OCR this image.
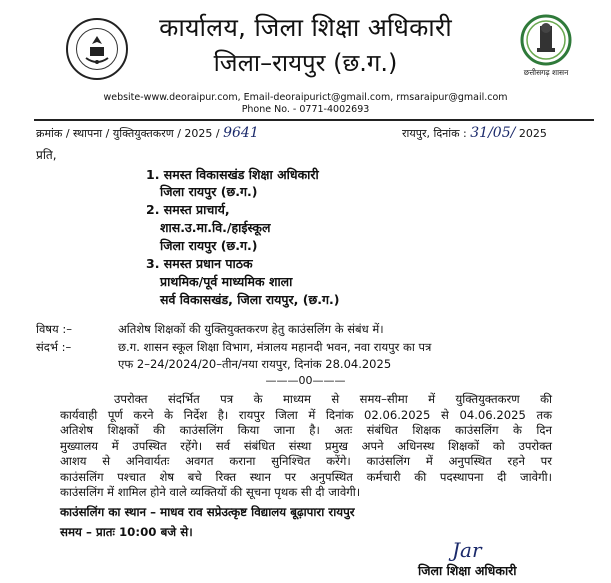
छत्तीसगढ़ शासन
कार्यालय, जिला शिक्षा अधिकारी
जिला–रायपुर (छ.ग.)
website-www.deoraipur.com, Email-deoraipurict@gmail.com, rmsaraipur@gmail.com
Phone No. - 0771-4002693
क्रमांक / स्थापना / युक्तियुक्तकरण / 2025 / 9641	रायपुर, दिनांक : 31/05/ 2025
प्रति,
1. समस्त विकासखंड शिक्षा अधिकारी
जिला रायपुर (छ.ग.)
2. समस्त प्राचार्य,
शास.उ.मा.वि./हाईस्कूल
जिला रायपुर (छ.ग.)
3. समस्त प्रधान पाठक
प्राथमिक/पूर्व माध्यमिक शाला
सर्व विकासखंड, जिला रायपुर, (छ.ग.)
विषय :–	अतिशेष शिक्षकों की युक्तियुक्तकरण हेतु काउंसलिंग के संबंध में।
संदर्भ :–	छ.ग. शासन स्कूल शिक्षा विभाग, मंत्रालय महानदी भवन, नवा रायपुर का पत्र
एफ 2–24/2024/20–तीन/नया रायपुर, दिनांक 28.04.2025
———00———
उपरोक्त संदर्भित पत्र के माध्यम से समय–सीमा में युक्तियुक्तकरण की
कार्यवाही पूर्ण करने के निर्देश है। रायपुर जिला में दिनांक 02.06.2025 से 04.06.2025 तक
अतिशेष शिक्षकों की काउंसलिंग किया जाना है। अतः संबंधित शिक्षक काउंसलिंग के दिन
मुख्यालय में उपस्थित रहेंगे। सर्व संबंधित संस्था प्रमुख अपने अधिनस्थ शिक्षकों को उपरोक्त
आशय से अनिवार्यतः अवगत कराना सुनिश्चित करेंगे। काउंसलिंग में अनुपस्थित रहने पर
काउंसलिंग पश्चात शेष बचे रिक्त स्थान पर अनुपस्थित कर्मचारी की पदस्थापना दी जावेगी।
काउंसलिंग में शामिल होने वाले व्यक्तियों की सूचना पृथक सी दी जावेगी।
काउंसलिंग का स्थान – माधव राव सप्रेउत्कृष्ट विद्यालय बूढ़ापारा रायपुर
समय – प्रातः 10:00 बजे से।
Jar
जिला शिक्षा अधिकारी
